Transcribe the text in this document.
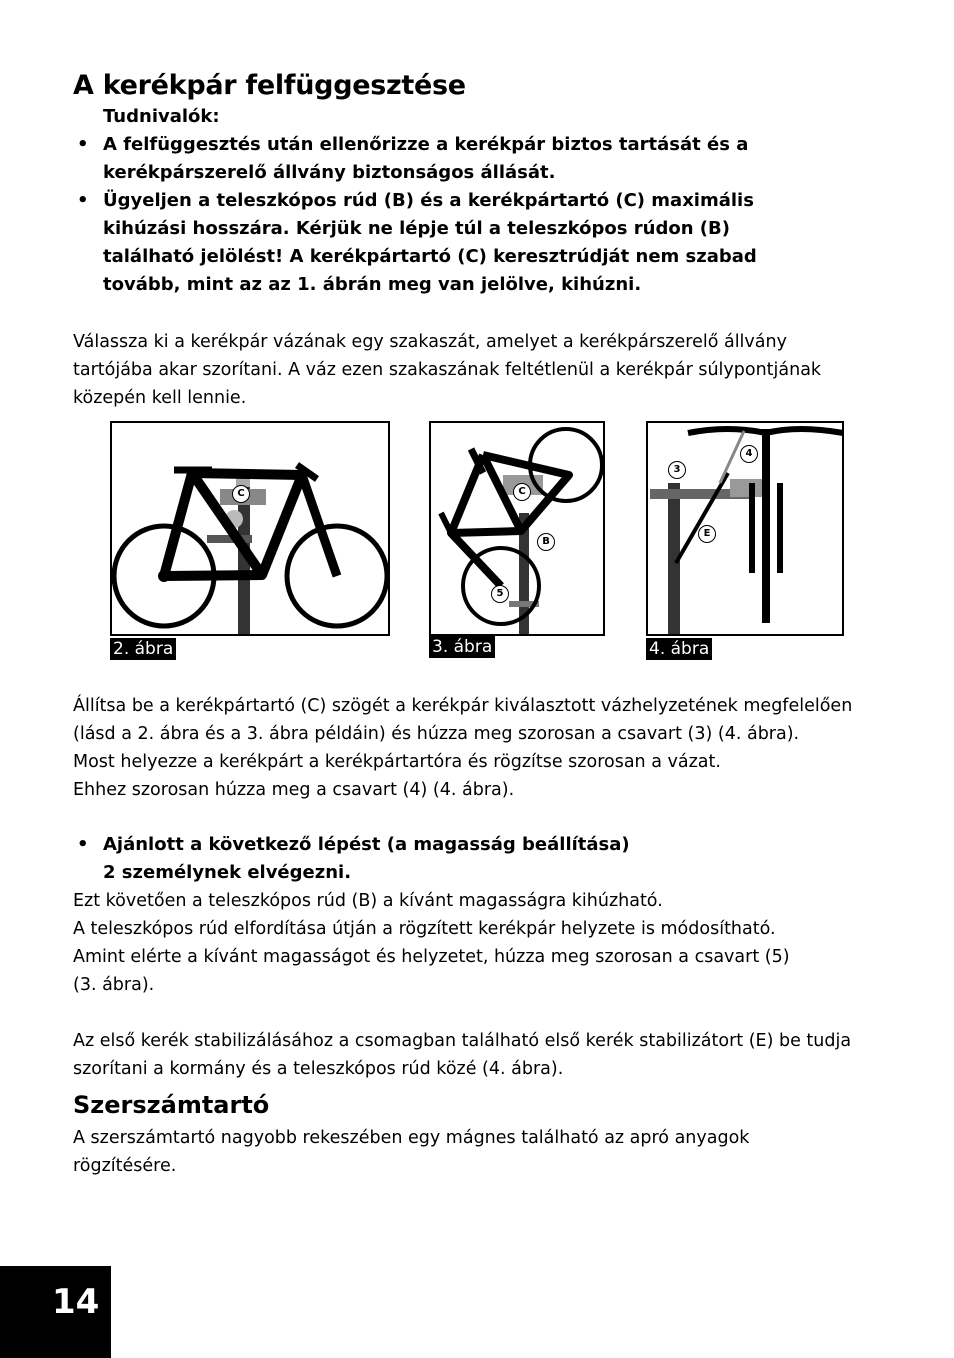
A kerékpár felfüggesztése
Tudnivalók:
• A felfüggesztés után ellenőrizze a kerékpár biztos tartását és a
kerékpárszerelő állvány biztonságos állását.
• Ügyeljen a teleszkópos rúd (B) és a kerékpártartó (C) maximális
kihúzási hosszára. Kérjük ne lépje túl a teleszkópos rúdon (B)
található jelölést! A kerékpártartó (C) keresztrúdját nem szabad
tovább, mint az az 1. ábrán meg van jelölve, kihúzni.
Válassza ki a kerékpár vázának egy szakaszát, amelyet a kerékpárszerelő állvány
tartójába akar szorítani. A váz ezen szakaszának feltétlenül a kerékpár súlypontjának
közepén kell lennie.
C
2. ábra
C
B
5
3. ábra
3
4
E
4. ábra
Állítsa be a kerékpártartó (C) szögét a kerékpár kiválasztott vázhelyzetének megfelelően
(lásd a 2. ábra és a 3. ábra példáin) és húzza meg szorosan a csavart (3) (4. ábra).
Most helyezze a kerékpárt a kerékpártartóra és rögzítse szorosan a vázat.
Ehhez szorosan húzza meg a csavart (4) (4. ábra).
• Ajánlott a következő lépést (a magasság beállítása)
2 személynek elvégezni.
Ezt követően a teleszkópos rúd (B) a kívánt magasságra kihúzható.
A teleszkópos rúd elfordítása útján a rögzített kerékpár helyzete is módosítható.
Amint elérte a kívánt magasságot és helyzetet, húzza meg szorosan a csavart (5)
(3. ábra).
Az első kerék stabilizálásához a csomagban található első kerék stabilizátort (E) be tudja
szorítani a kormány és a teleszkópos rúd közé (4. ábra).
Szerszámtartó
A szerszámtartó nagyobb rekeszében egy mágnes található az apró anyagok
rögzítésére.
14
